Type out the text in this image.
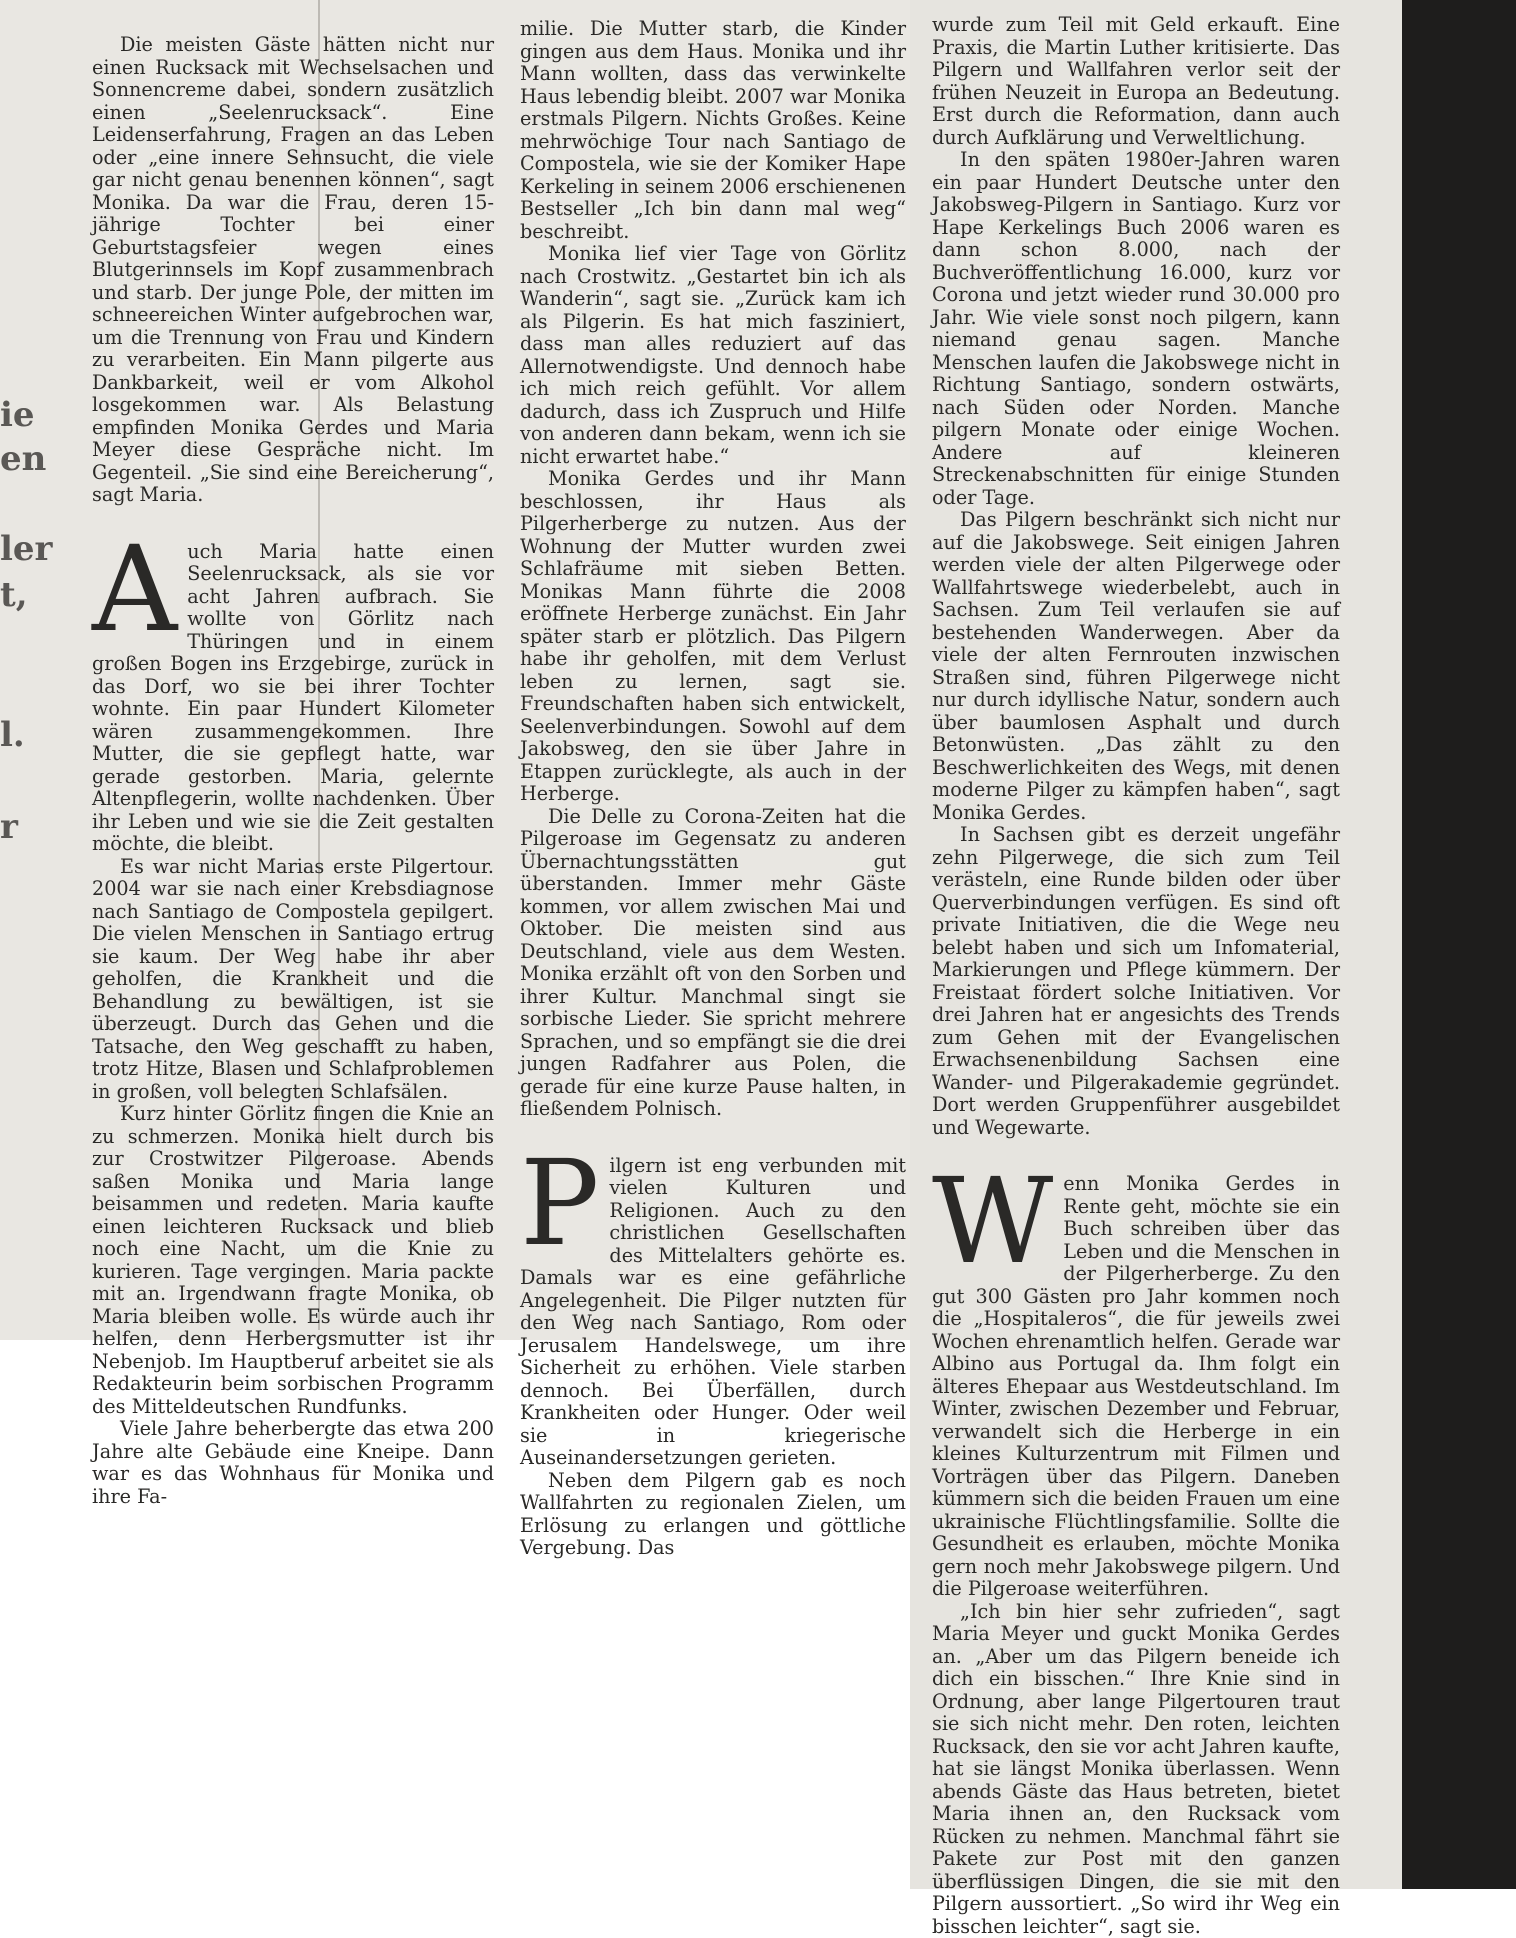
ie
en
ler
t,
l.
r

Die meisten Gäste hätten nicht nur einen Rucksack mit Wechselsachen und Sonnencreme dabei, sondern zusätzlich einen „Seelenrucksack“. Eine Leidenserfahrung, Fragen an das Leben oder „eine innere Sehnsucht, die viele gar nicht genau benennen können“, sagt Monika. Da war die Frau, deren 15-jährige Tochter bei einer Geburtstagsfeier wegen eines Blutgerinnsels im Kopf zusammenbrach und starb. Der junge Pole, der mitten im schneereichen Winter aufgebrochen war, um die Trennung von Frau und Kindern zu verarbeiten. Ein Mann pilgerte aus Dankbarkeit, weil er vom Alkohol losgekommen war. Als Belastung empfinden Monika Gerdes und Maria Meyer diese Gespräche nicht. Im Gegenteil. „Sie sind eine Bereicherung“, sagt Maria.

A uch Maria hatte einen Seelenrucksack, als sie vor acht Jahren aufbrach. Sie wollte von Görlitz nach Thüringen und in einem großen Bogen ins Erzgebirge, zurück in das Dorf, wo sie bei ihrer Tochter wohnte. Ein paar Hundert Kilometer wären zusammengekommen. Ihre Mutter, die sie gepflegt hatte, war gerade gestorben. Maria, gelernte Altenpflegerin, wollte nachdenken. Über ihr Leben und wie sie die Zeit gestalten möchte, die bleibt.

Es war nicht Marias erste Pilgertour. 2004 war sie nach einer Krebsdiagnose nach Santiago de Compostela gepilgert. Die vielen Menschen in Santiago ertrug sie kaum. Der Weg habe ihr aber geholfen, die Krankheit und die Behandlung zu bewältigen, ist sie überzeugt. Durch das Gehen und die Tatsache, den Weg geschafft zu haben, trotz Hitze, Blasen und Schlafproblemen in großen, voll belegten Schlafsälen.

Kurz hinter Görlitz fingen die Knie an zu schmerzen. Monika hielt durch bis zur Crostwitzer Pilgeroase. Abends saßen Monika und Maria lange beisammen und redeten. Maria kaufte einen leichteren Rucksack und blieb noch eine Nacht, um die Knie zu kurieren. Tage vergingen. Maria packte mit an. Irgendwann fragte Monika, ob Maria bleiben wolle. Es würde auch ihr helfen, denn Herbergsmutter ist ihr Nebenjob. Im Hauptberuf arbeitet sie als Redakteurin beim sorbischen Programm des Mitteldeutschen Rundfunks.

Viele Jahre beherbergte das etwa 200 Jahre alte Gebäude eine Kneipe. Dann war es das Wohnhaus für Monika und ihre Fa-

milie. Die Mutter starb, die Kinder gingen aus dem Haus. Monika und ihr Mann wollten, dass das verwinkelte Haus lebendig bleibt. 2007 war Monika erstmals Pilgern. Nichts Großes. Keine mehrwöchige Tour nach Santiago de Compostela, wie sie der Komiker Hape Kerkeling in seinem 2006 erschienenen Bestseller „Ich bin dann mal weg“ beschreibt.

Monika lief vier Tage von Görlitz nach Crostwitz. „Gestartet bin ich als Wanderin“, sagt sie. „Zurück kam ich als Pilgerin. Es hat mich fasziniert, dass man alles reduziert auf das Allernotwendigste. Und dennoch habe ich mich reich gefühlt. Vor allem dadurch, dass ich Zuspruch und Hilfe von anderen dann bekam, wenn ich sie nicht erwartet habe.“

Monika Gerdes und ihr Mann beschlossen, ihr Haus als Pilgerherberge zu nutzen. Aus der Wohnung der Mutter wurden zwei Schlafräume mit sieben Betten. Monikas Mann führte die 2008 eröffnete Herberge zunächst. Ein Jahr später starb er plötzlich. Das Pilgern habe ihr geholfen, mit dem Verlust leben zu lernen, sagt sie. Freundschaften haben sich entwickelt, Seelenverbindungen. Sowohl auf dem Jakobsweg, den sie über Jahre in Etappen zurücklegte, als auch in der Herberge.

Die Delle zu Corona-Zeiten hat die Pilgeroase im Gegensatz zu anderen Übernachtungsstätten gut überstanden. Immer mehr Gäste kommen, vor allem zwischen Mai und Oktober. Die meisten sind aus Deutschland, viele aus dem Westen. Monika erzählt oft von den Sorben und ihrer Kultur. Manchmal singt sie sorbische Lieder. Sie spricht mehrere Sprachen, und so empfängt sie die drei jungen Radfahrer aus Polen, die gerade für eine kurze Pause halten, in fließendem Polnisch.

P ilgern ist eng verbunden mit vielen Kulturen und Religionen. Auch zu den christlichen Gesellschaften des Mittelalters gehörte es. Damals war es eine gefährliche Angelegenheit. Die Pilger nutzten für den Weg nach Santiago, Rom oder Jerusalem Handelswege, um ihre Sicherheit zu erhöhen. Viele starben dennoch. Bei Überfällen, durch Krankheiten oder Hunger. Oder weil sie in kriegerische Auseinandersetzungen gerieten.

Neben dem Pilgern gab es noch Wallfahrten zu regionalen Zielen, um Erlösung zu erlangen und göttliche Vergebung. Das

wurde zum Teil mit Geld erkauft. Eine Praxis, die Martin Luther kritisierte. Das Pilgern und Wallfahren verlor seit der frühen Neuzeit in Europa an Bedeutung. Erst durch die Reformation, dann auch durch Aufklärung und Verweltlichung.

In den späten 1980er-Jahren waren ein paar Hundert Deutsche unter den Jakobsweg-Pilgern in Santiago. Kurz vor Hape Kerkelings Buch 2006 waren es dann schon 8.000, nach der Buchveröffentlichung 16.000, kurz vor Corona und jetzt wieder rund 30.000 pro Jahr. Wie viele sonst noch pilgern, kann niemand genau sagen. Manche Menschen laufen die Jakobswege nicht in Richtung Santiago, sondern ostwärts, nach Süden oder Norden. Manche pilgern Monate oder einige Wochen. Andere auf kleineren Streckenabschnitten für einige Stunden oder Tage.

Das Pilgern beschränkt sich nicht nur auf die Jakobswege. Seit einigen Jahren werden viele der alten Pilgerwege oder Wallfahrtswege wiederbelebt, auch in Sachsen. Zum Teil verlaufen sie auf bestehenden Wanderwegen. Aber da viele der alten Fernrouten inzwischen Straßen sind, führen Pilgerwege nicht nur durch idyllische Natur, sondern auch über baumlosen Asphalt und durch Betonwüsten. „Das zählt zu den Beschwerlichkeiten des Wegs, mit denen moderne Pilger zu kämpfen haben“, sagt Monika Gerdes.

In Sachsen gibt es derzeit ungefähr zehn Pilgerwege, die sich zum Teil verästeln, eine Runde bilden oder über Querverbindungen verfügen. Es sind oft private Initiativen, die die Wege neu belebt haben und sich um Infomaterial, Markierungen und Pflege kümmern. Der Freistaat fördert solche Initiativen. Vor drei Jahren hat er angesichts des Trends zum Gehen mit der Evangelischen Erwachsenenbildung Sachsen eine Wander- und Pilgerakademie gegründet. Dort werden Gruppenführer ausgebildet und Wegewarte.

W enn Monika Gerdes in Rente geht, möchte sie ein Buch schreiben über das Leben und die Menschen in der Pilgerherberge. Zu den gut 300 Gästen pro Jahr kommen noch die „Hospitaleros“, die für jeweils zwei Wochen ehrenamtlich helfen. Gerade war Albino aus Portugal da. Ihm folgt ein älteres Ehepaar aus Westdeutschland. Im Winter, zwischen Dezember und Februar, verwandelt sich die Herberge in ein kleines Kulturzentrum mit Filmen und Vorträgen über das Pilgern. Daneben kümmern sich die beiden Frauen um eine ukrainische Flüchtlingsfamilie. Sollte die Gesundheit es erlauben, möchte Monika gern noch mehr Jakobswege pilgern. Und die Pilgeroase weiterführen.

„Ich bin hier sehr zufrieden“, sagt Maria Meyer und guckt Monika Gerdes an. „Aber um das Pilgern beneide ich dich ein bisschen.“ Ihre Knie sind in Ordnung, aber lange Pilgertouren traut sie sich nicht mehr. Den roten, leichten Rucksack, den sie vor acht Jahren kaufte, hat sie längst Monika überlassen. Wenn abends Gäste das Haus betreten, bietet Maria ihnen an, den Rucksack vom Rücken zu nehmen. Manchmal fährt sie Pakete zur Post mit den ganzen überflüssigen Dingen, die sie mit den Pilgern aussortiert. „So wird ihr Weg ein bisschen leichter“, sagt sie.
